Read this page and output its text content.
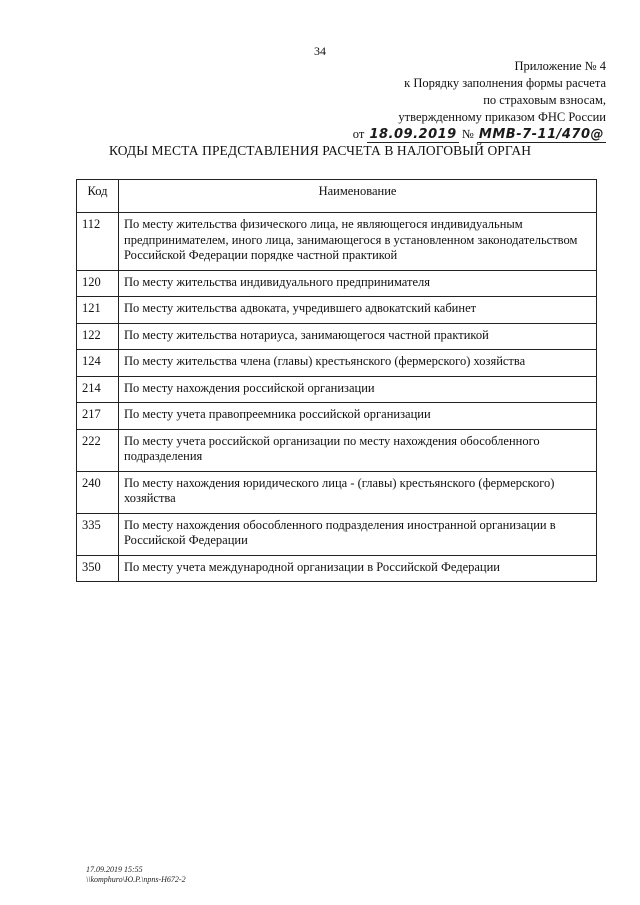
34
Приложение № 4
к Порядку заполнения формы расчета
по страховым взносам,
утвержденному приказом ФНС России
от 18.09.2019 № ММВ-7-11/470@
КОДЫ МЕСТА ПРЕДСТАВЛЕНИЯ РАСЧЕТА В НАЛОГОВЫЙ ОРГАН
Код	Наименование
112	По месту жительства физического лица, не являющегося индивидуальным предпринимателем, иного лица, занимающегося в установленном законодательством Российской Федерации порядке частной практикой
120	По месту жительства индивидуального предпринимателя
121	По месту жительства адвоката, учредившего адвокатский кабинет
122	По месту жительства нотариуса, занимающегося частной практикой
124	По месту жительства члена (главы) крестьянского (фермерского) хозяйства
214	По месту нахождения российской организации
217	По месту учета правопреемника российской организации
222	По месту учета российской организации по месту нахождения обособленного подразделения
240	По месту нахождения юридического лица - (главы) крестьянского (фермерского) хозяйства
335	По месту нахождения обособленного подразделения иностранной организации в Российской Федерации
350	По месту учета международной организации в Российской Федерации
17.09.2019 15:55
\\komphuro\Ю.Р.\npns-Н672-2
